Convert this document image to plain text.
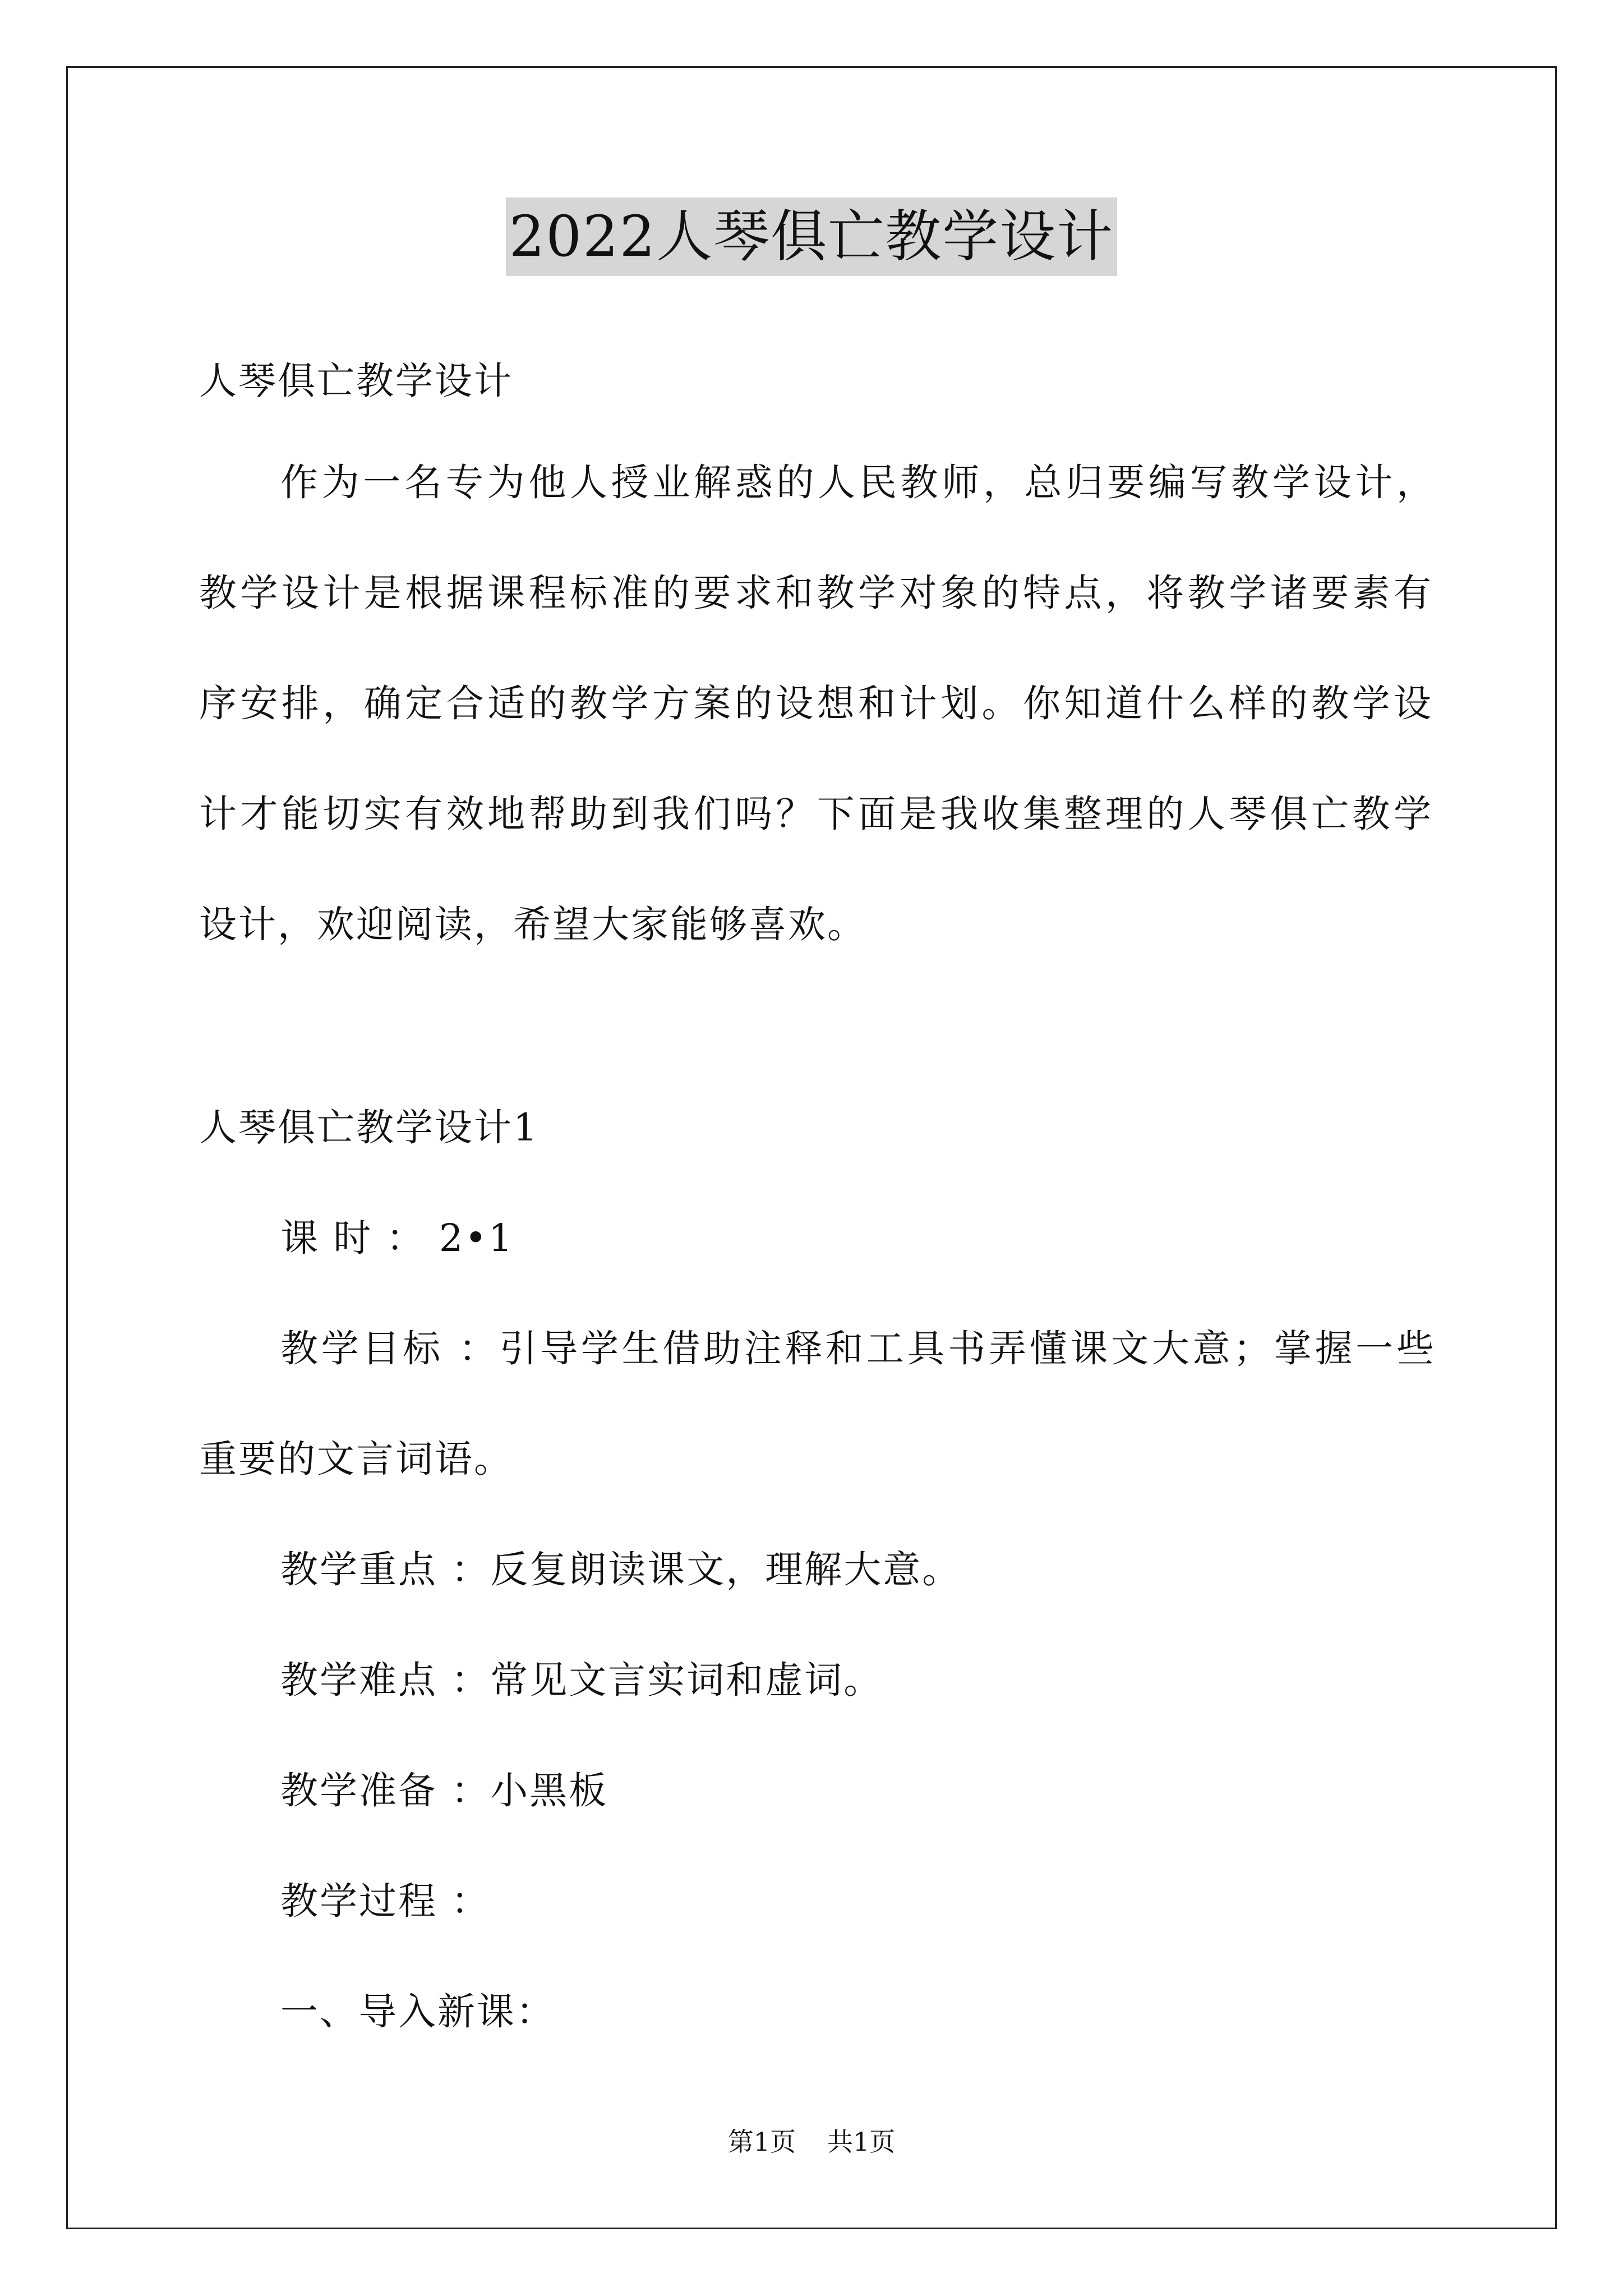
2022人琴俱亡教学设计
人琴俱亡教学设计
作为一名专为他人授业解惑的人民教师，总归要编写教学设计，
教学设计是根据课程标准的要求和教学对象的特点，将教学诸要素有
序安排，确定合适的教学方案的设想和计划。你知道什么样的教学设
计才能切实有效地帮助到我们吗？下面是我收集整理的人琴俱亡教学
设计，欢迎阅读，希望大家能够喜欢。
人琴俱亡教学设计1
课 时 ： 2•1
教学目标 ：引导学生借助注释和工具书弄懂课文大意；掌握一些
重要的文言词语。
教学重点 ：反复朗读课文，理解大意。
教学难点 ：常见文言实词和虚词。
教学准备 ：小黑板
教学过程 ：
一、导入新课：
第1页 共1页
